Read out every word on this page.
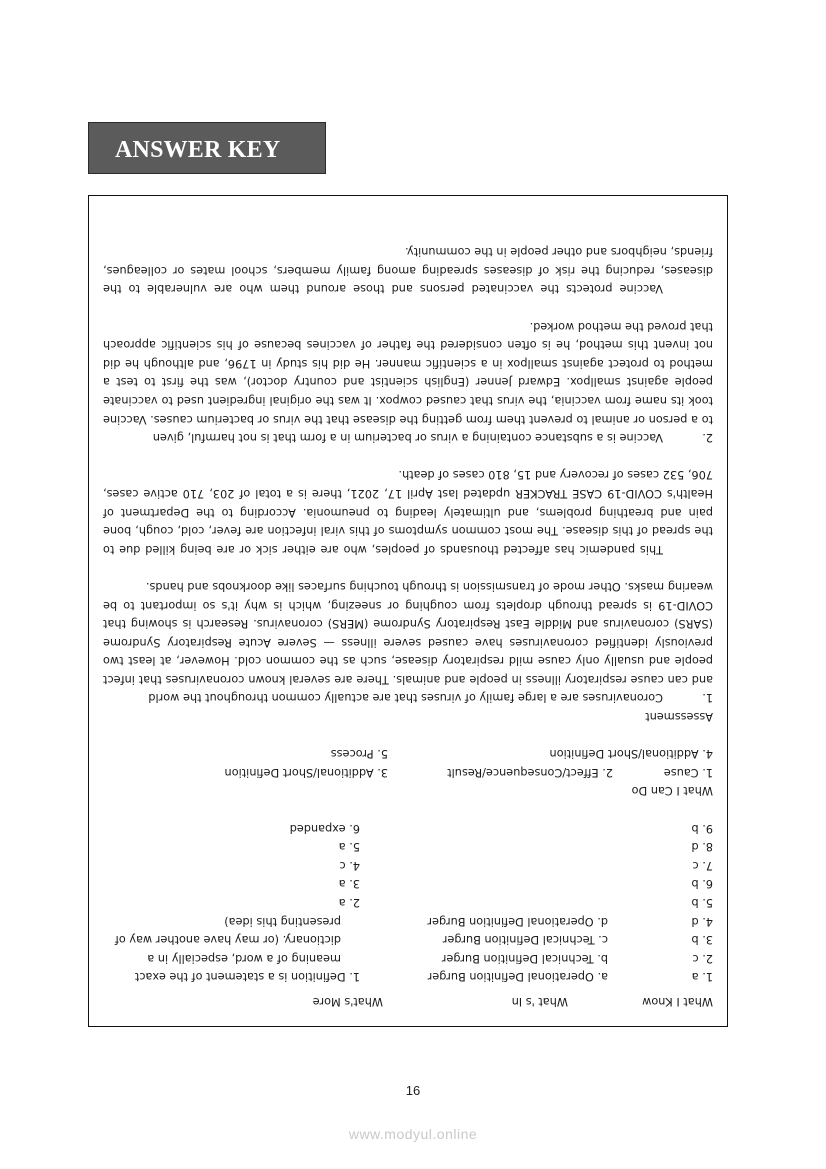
ANSWER KEY
What I Know
What 's In
What's More
1. a
a. Operational Definition Burger
1. Definition is a statement of the exact
2. c
b. Technical Definition Burger
meaning of a word, especially in a
3. b
c. Technical Definition Burger
dictionary. (or may have another way of
4. d
d. Operational Definition Burger
presenting this idea)
5. b
2. a
6. b
3. a
7. c
4. c
8. d
5. a
9. b
6. expanded
What I Can Do
1. Cause
2. Effect/Consequence/Result
3. Additional/Short Definition
4. Additional/Short Definition
5. Process
Assessment
1.
Coronaviruses are a large family of viruses that are actually common throughout the world

and can cause respiratory illness in people and animals. There are several known coronaviruses that infect people and usually only cause mild respiratory disease, such as the common cold. However, at least two previously identified coronaviruses have caused severe illness — Severe Acute Respiratory Syndrome (SARS) coronavirus and Middle East Respiratory Syndrome (MERS) coronavirus. Research is showing that COVID-19 is spread through droplets from coughing or sneezing, which is why it's so important to be wearing masks. Other mode of transmission is through touching surfaces like doorknobs and hands.

This pandemic has affected thousands of peoples, who are either sick or are being killed due to the spread of this disease. The most common symptoms of this viral infection are fever, cold, cough, bone pain and breathing problems, and ultimately leading to pneumonia. According to the Department of Health's COVID-19 CASE TRACKER updated last April 17, 2021, there is a total of 203, 710 active cases, 706, 532 cases of recovery and 15, 810 cases of death.

2.
Vaccine is a substance containing a virus or bacterium in a form that is not harmful, given

to a person or animal to prevent them from getting the disease that the virus or bacterium causes. Vaccine took its name from vaccinia, the virus that caused cowpox. It was the original ingredient used to vaccinate people against smallpox. Edward Jenner (English scientist and country doctor), was the first to test a method to protect against smallpox in a scientific manner. He did his study in 1796, and although he did not invent this method, he is often considered the father of vaccines because of his scientific approach that proved the method worked.

Vaccine protects the vaccinated persons and those around them who are vulnerable to the diseases, reducing the risk of diseases spreading among family members, school mates or colleagues, friends, neighbors and other people in the community.

16
www.modyul.online
